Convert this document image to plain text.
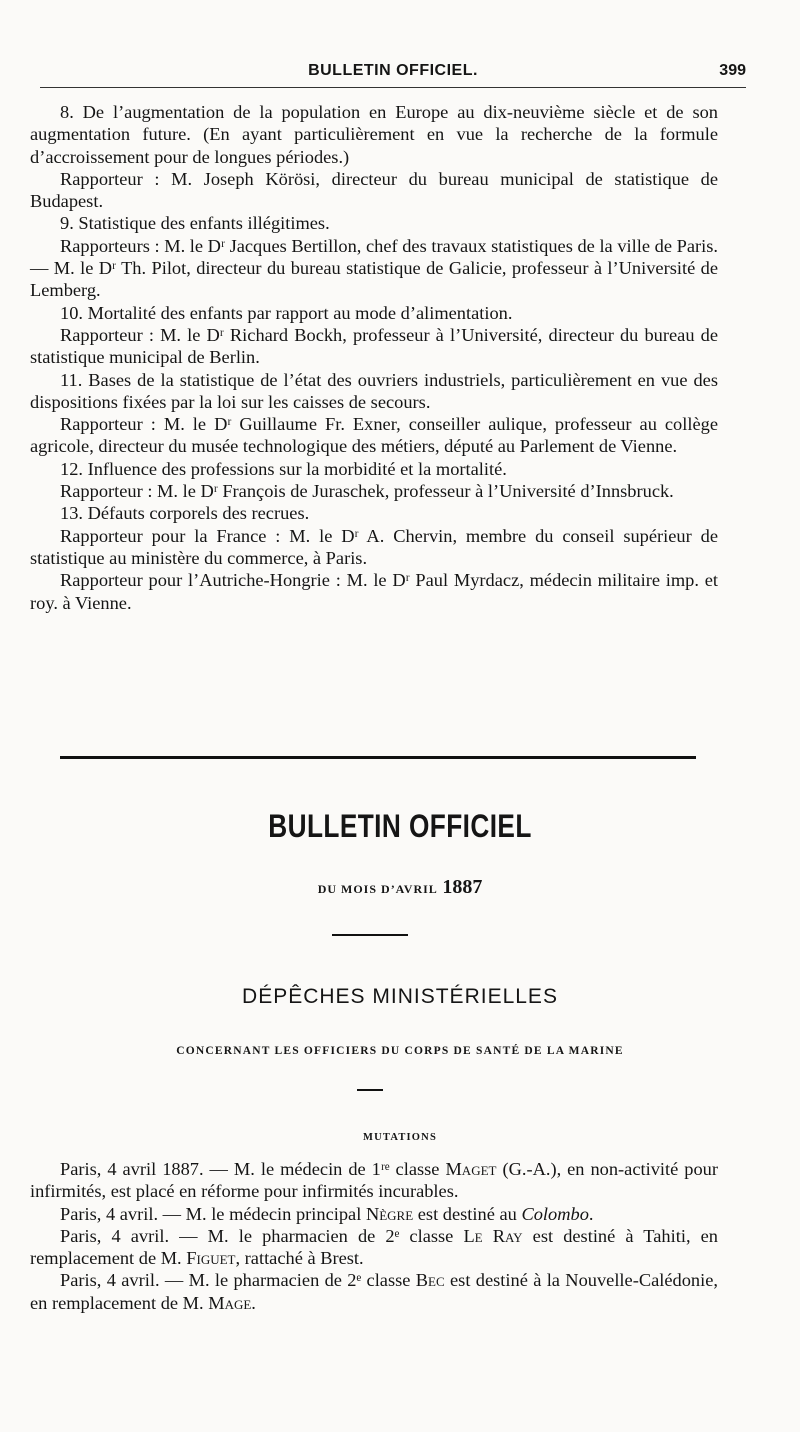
BULLETIN OFFICIEL.	399

8. De l’augmentation de la population en Europe au dix-neuvième siècle et de son augmentation future. (En ayant particulièrement en vue la recherche de la formule d’accroissement pour de longues périodes.)

Rapporteur : M. Joseph Körösi, directeur du bureau municipal de statistique de Budapest.

9. Statistique des enfants illégitimes.

Rapporteurs : M. le Dʳ Jacques Bertillon, chef des travaux statistiques de la ville de Paris. — M. le Dʳ Th. Pilot, directeur du bureau statistique de Galicie, professeur à l’Université de Lemberg.

10. Mortalité des enfants par rapport au mode d’alimentation.

Rapporteur : M. le Dʳ Richard Bockh, professeur à l’Université, directeur du bureau de statistique municipal de Berlin.

11. Bases de la statistique de l’état des ouvriers industriels, particulièrement en vue des dispositions fixées par la loi sur les caisses de secours.

Rapporteur : M. le Dʳ Guillaume Fr. Exner, conseiller aulique, professeur au collège agricole, directeur du musée technologique des métiers, député au Parlement de Vienne.

12. Influence des professions sur la morbidité et la mortalité.

Rapporteur : M. le Dʳ François de Juraschek, professeur à l’Université d’Innsbruck.

13. Défauts corporels des recrues.

Rapporteur pour la France : M. le Dʳ A. Chervin, membre du conseil supérieur de statistique au ministère du commerce, à Paris.

Rapporteur pour l’Autriche-Hongrie : M. le Dʳ Paul Myrdacz, médecin militaire imp. et roy. à Vienne.

BULLETIN OFFICIEL
DU MOIS D’AVRIL 1887
DÉPÊCHES MINISTÉRIELLES
CONCERNANT LES OFFICIERS DU CORPS DE SANTÉ DE LA MARINE
MUTATIONS

Paris, 4 avril 1887. — M. le médecin de 1ʳᵉ classe Maget (G.-A.), en non-activité pour infirmités, est placé en réforme pour infirmités incurables.

Paris, 4 avril. — M. le médecin principal Nègre est destiné au Colombo.

Paris, 4 avril. — M. le pharmacien de 2ᵉ classe Le Ray est destiné à Tahiti, en remplacement de M. Figuet, rattaché à Brest.

Paris, 4 avril. — M. le pharmacien de 2ᵉ classe Bec est destiné à la Nouvelle-Calédonie, en remplacement de M. Mage.
